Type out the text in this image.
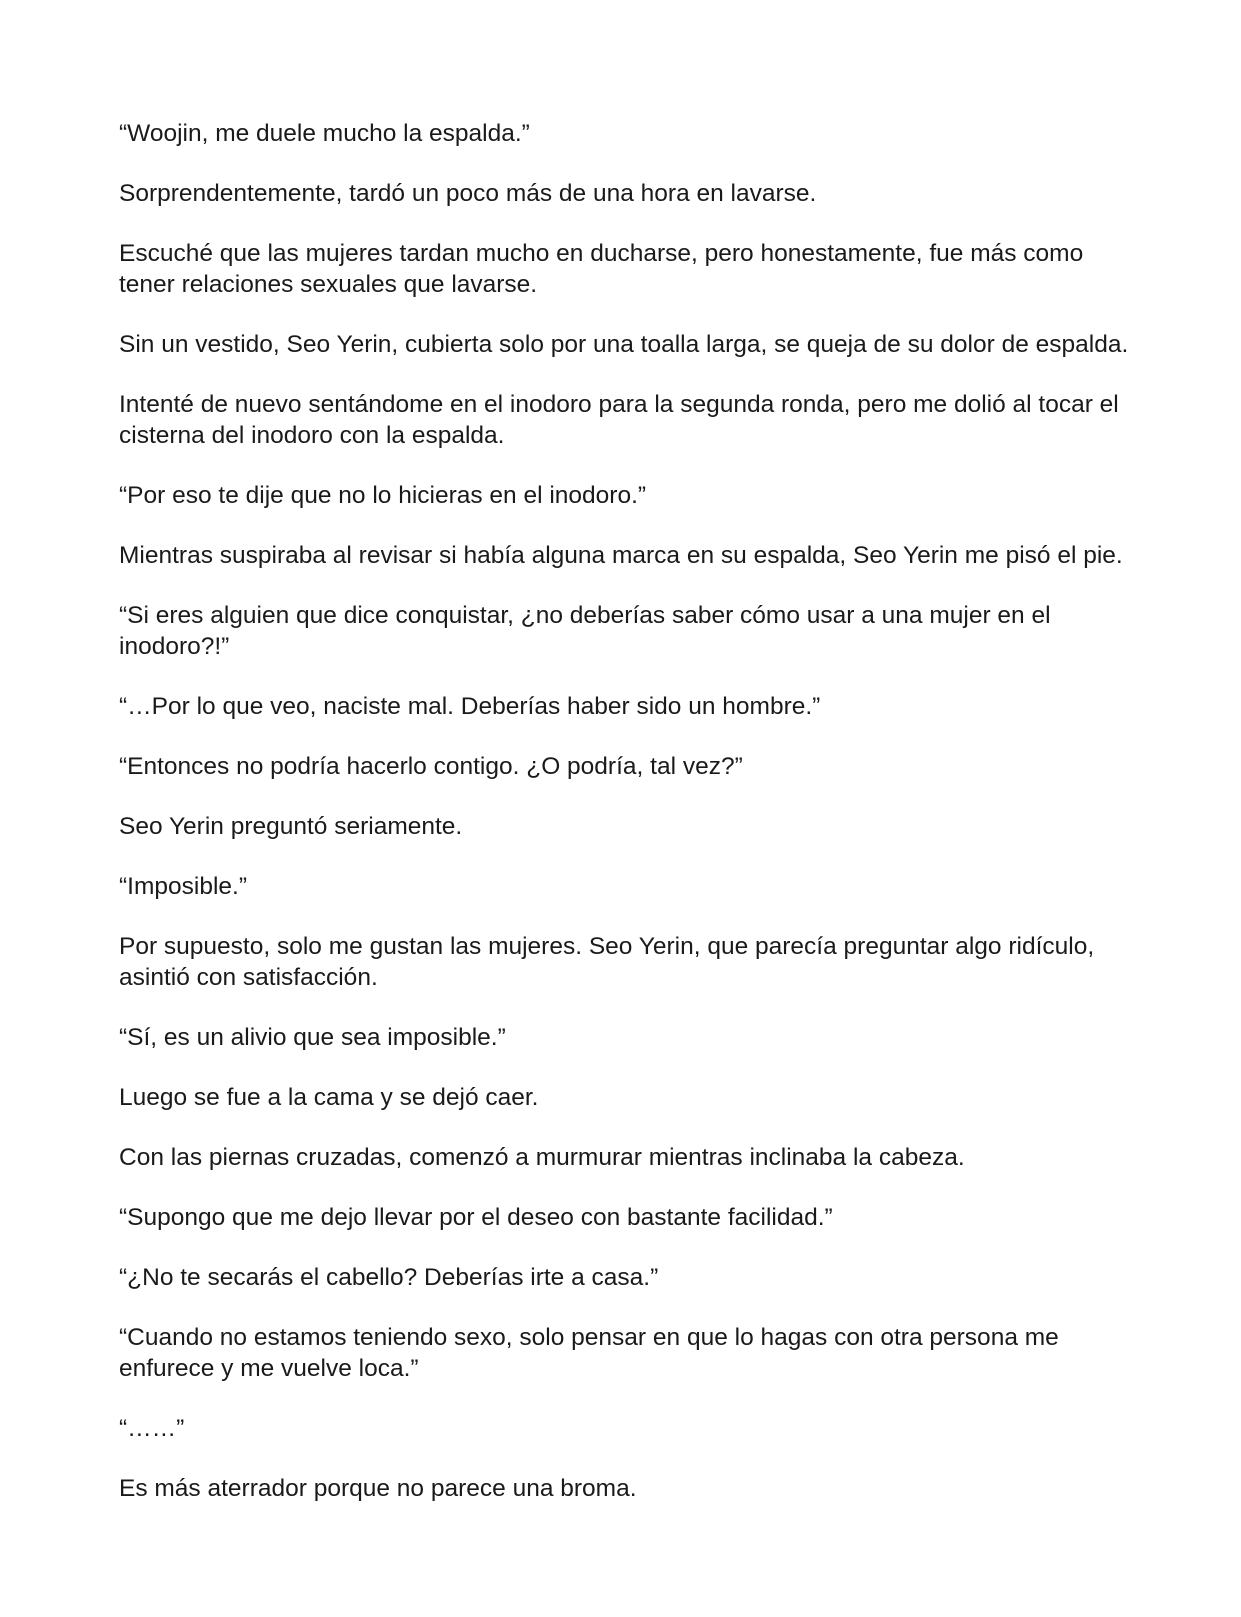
“Woojin, me duele mucho la espalda.”

Sorprendentemente, tardó un poco más de una hora en lavarse.

Escuché que las mujeres tardan mucho en ducharse, pero honestamente, fue más como tener relaciones sexuales que lavarse.

Sin un vestido, Seo Yerin, cubierta solo por una toalla larga, se queja de su dolor de espalda.

Intenté de nuevo sentándome en el inodoro para la segunda ronda, pero me dolió al tocar el cisterna del inodoro con la espalda.

“Por eso te dije que no lo hicieras en el inodoro.”

Mientras suspiraba al revisar si había alguna marca en su espalda, Seo Yerin me pisó el pie.

“Si eres alguien que dice conquistar, ¿no deberías saber cómo usar a una mujer en el inodoro?!”

“…Por lo que veo, naciste mal. Deberías haber sido un hombre.”

“Entonces no podría hacerlo contigo. ¿O podría, tal vez?”

Seo Yerin preguntó seriamente.

“Imposible.”

Por supuesto, solo me gustan las mujeres. Seo Yerin, que parecía preguntar algo ridículo, asintió con satisfacción.

“Sí, es un alivio que sea imposible.”

Luego se fue a la cama y se dejó caer.

Con las piernas cruzadas, comenzó a murmurar mientras inclinaba la cabeza.

“Supongo que me dejo llevar por el deseo con bastante facilidad.”

“¿No te secarás el cabello? Deberías irte a casa.”

“Cuando no estamos teniendo sexo, solo pensar en que lo hagas con otra persona me enfurece y me vuelve loca.”

“……”

Es más aterrador porque no parece una broma.
